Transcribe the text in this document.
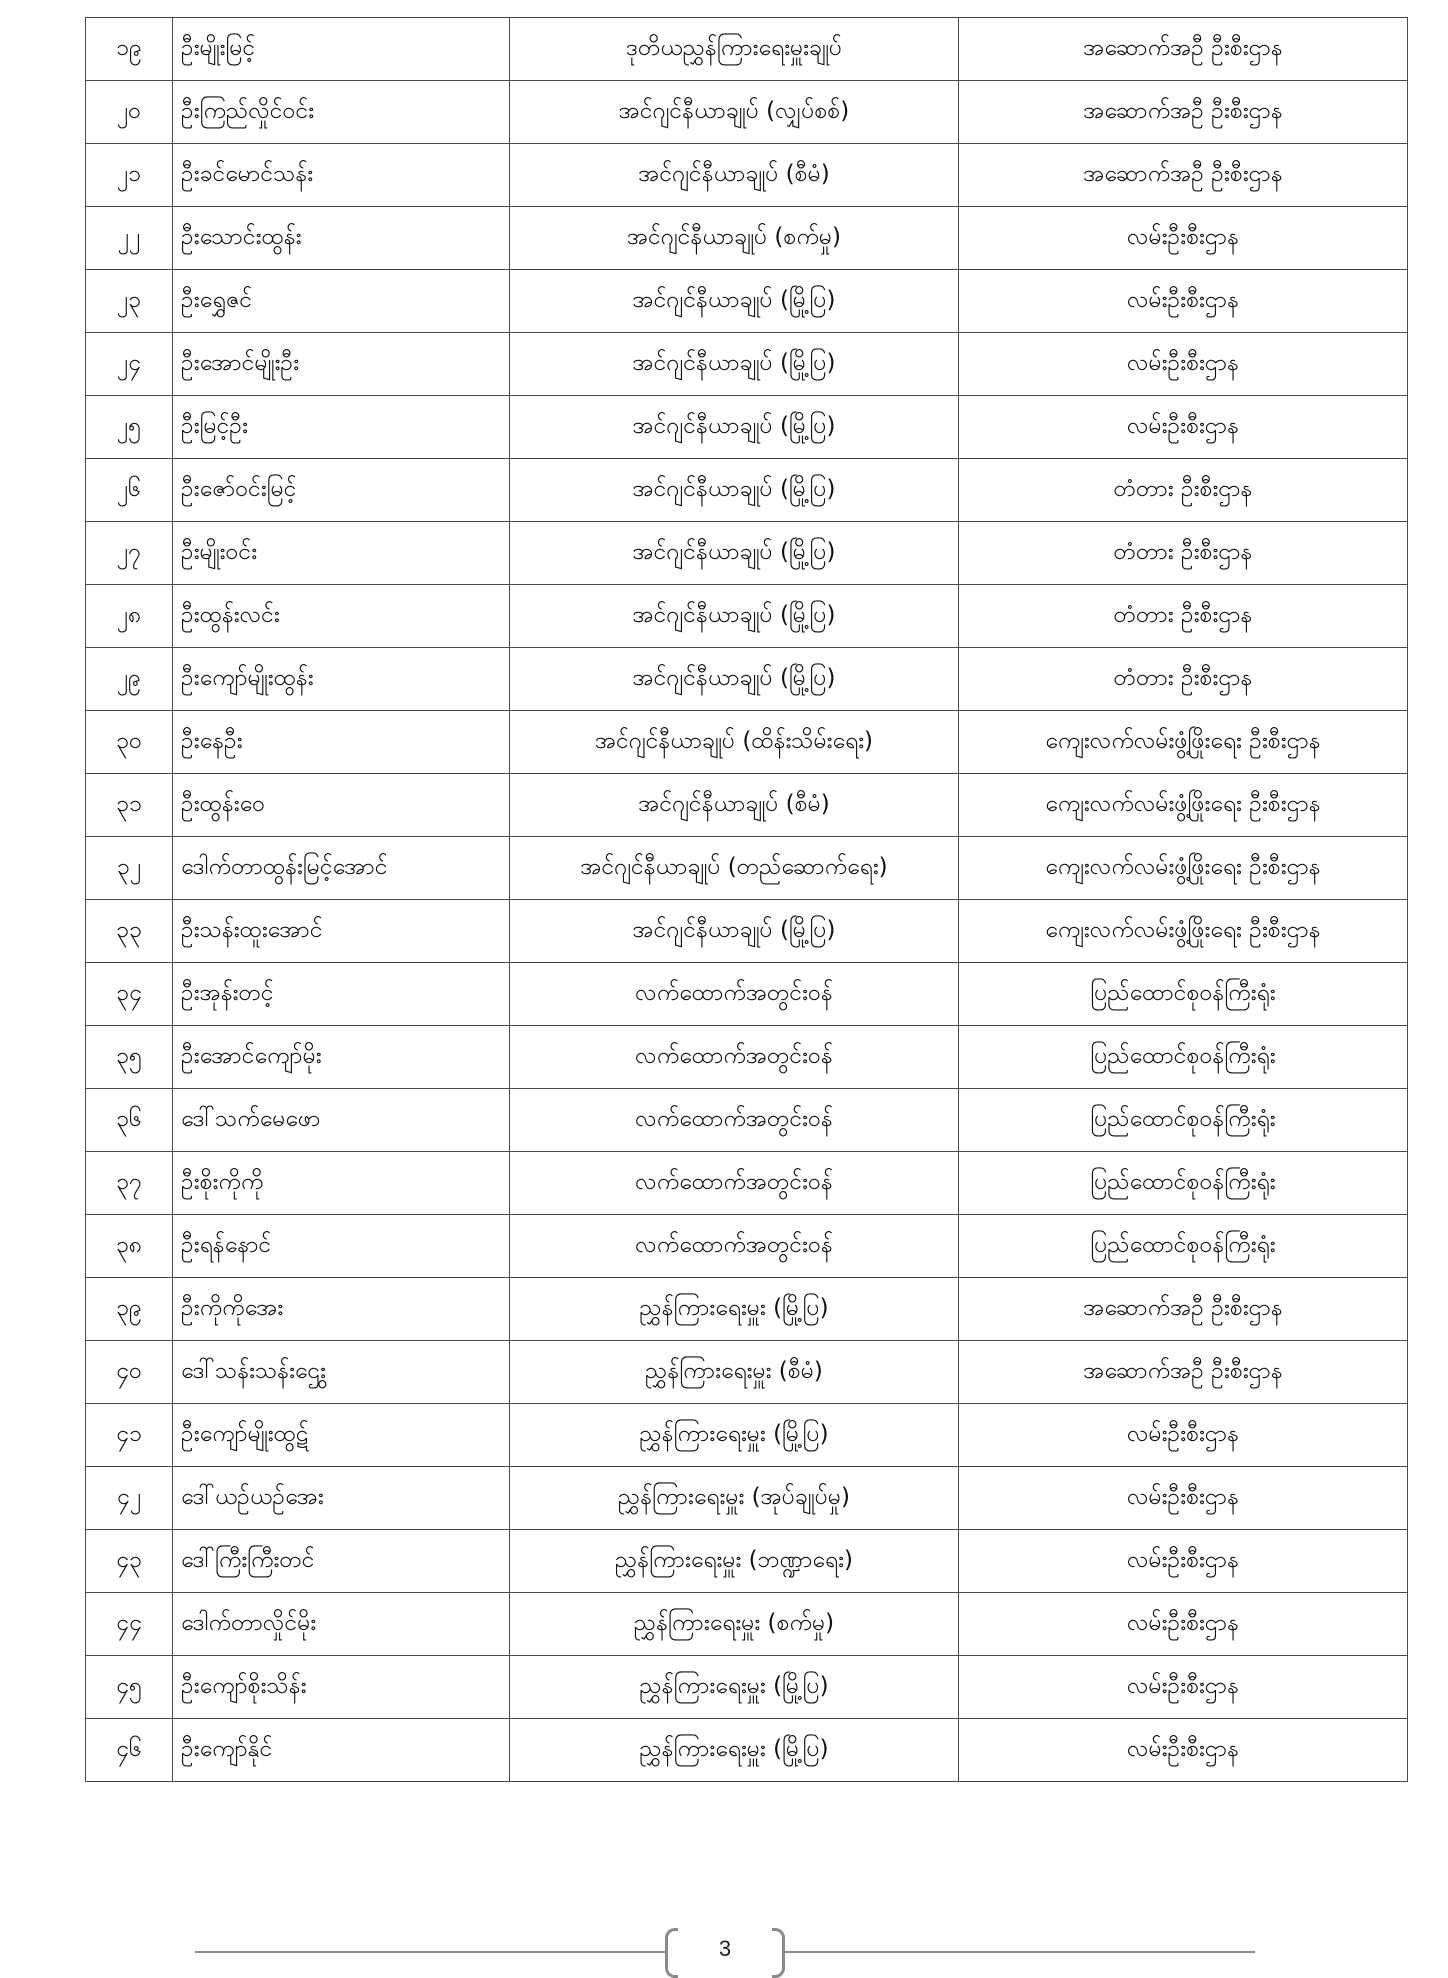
၁၉	ဦးမျိုးမြင့်	ဒုတိယညွှန်ကြားရေးမှူးချုပ်	အဆောက်အဦ ဦးစီးဌာန
၂၀	ဦးကြည်လှိုင်ဝင်း	အင်ဂျင်နီယာချုပ် (လျှပ်စစ်)	အဆောက်အဦ ဦးစီးဌာန
၂၁	ဦးခင်မောင်သန်း	အင်ဂျင်နီယာချုပ် (စီမံ)	အဆောက်အဦ ဦးစီးဌာန
၂၂	ဦးသောင်းထွန်း	အင်ဂျင်နီယာချုပ် (စက်မှု)	လမ်းဦးစီးဌာန
၂၃	ဦးရွှေဇင်	အင်ဂျင်နီယာချုပ် (မြို့ပြ)	လမ်းဦးစီးဌာန
၂၄	ဦးအောင်မျိုးဦး	အင်ဂျင်နီယာချုပ် (မြို့ပြ)	လမ်းဦးစီးဌာန
၂၅	ဦးမြင့်ဦး	အင်ဂျင်နီယာချုပ် (မြို့ပြ)	လမ်းဦးစီးဌာန
၂၆	ဦးဇော်ဝင်းမြင့်	အင်ဂျင်နီယာချုပ် (မြို့ပြ)	တံတား ဦးစီးဌာန
၂၇	ဦးမျိုးဝင်း	အင်ဂျင်နီယာချုပ် (မြို့ပြ)	တံတား ဦးစီးဌာန
၂၈	ဦးထွန်းလင်း	အင်ဂျင်နီယာချုပ် (မြို့ပြ)	တံတား ဦးစီးဌာန
၂၉	ဦးကျော်မျိုးထွန်း	အင်ဂျင်နီယာချုပ် (မြို့ပြ)	တံတား ဦးစီးဌာန
၃၀	ဦးနေဦး	အင်ဂျင်နီယာချုပ် (ထိန်းသိမ်းရေး)	ကျေးလက်လမ်းဖွံ့ဖြိုးရေး ဦးစီးဌာန
၃၁	ဦးထွန်းဝေ	အင်ဂျင်နီယာချုပ် (စီမံ)	ကျေးလက်လမ်းဖွံ့ဖြိုးရေး ဦးစီးဌာန
၃၂	ဒေါက်တာထွန်းမြင့်အောင်	အင်ဂျင်နီယာချုပ် (တည်ဆောက်ရေး)	ကျေးလက်လမ်းဖွံ့ဖြိုးရေး ဦးစီးဌာန
၃၃	ဦးသန်းထူးအောင်	အင်ဂျင်နီယာချုပ် (မြို့ပြ)	ကျေးလက်လမ်းဖွံ့ဖြိုးရေး ဦးစီးဌာန
၃၄	ဦးအုန်းတင့်	လက်ထောက်အတွင်းဝန်	ပြည်ထောင်စုဝန်ကြီးရုံး
၃၅	ဦးအောင်ကျော်မိုး	လက်ထောက်အတွင်းဝန်	ပြည်ထောင်စုဝန်ကြီးရုံး
၃၆	ဒေါ်သက်မေဖော	လက်ထောက်အတွင်းဝန်	ပြည်ထောင်စုဝန်ကြီးရုံး
၃၇	ဦးစိုးကိုကို	လက်ထောက်အတွင်းဝန်	ပြည်ထောင်စုဝန်ကြီးရုံး
၃၈	ဦးရန်နောင်	လက်ထောက်အတွင်းဝန်	ပြည်ထောင်စုဝန်ကြီးရုံး
၃၉	ဦးကိုကိုအေး	ညွှန်ကြားရေးမှူး (မြို့ပြ)	အဆောက်အဦ ဦးစီးဌာန
၄၀	ဒေါ်သန်းသန်းဌွေး	ညွှန်ကြားရေးမှူး (စီမံ)	အဆောက်အဦ ဦးစီးဌာန
၄၁	ဦးကျော်မျိုးထွဋ်	ညွှန်ကြားရေးမှူး (မြို့ပြ)	လမ်းဦးစီးဌာန
၄၂	ဒေါ်ယဉ်ယဉ်အေး	ညွှန်ကြားရေးမှူး (အုပ်ချုပ်မှု)	လမ်းဦးစီးဌာန
၄၃	ဒေါ်ကြီးကြီးတင်	ညွှန်ကြားရေးမှူး (ဘဏ္ဍာရေး)	လမ်းဦးစီးဌာန
၄၄	ဒေါက်တာလှိုင်မိုး	ညွှန်ကြားရေးမှူး (စက်မှု)	လမ်းဦးစီးဌာန
၄၅	ဦးကျော်စိုးသိန်း	ညွှန်ကြားရေးမှူး (မြို့ပြ)	လမ်းဦးစီးဌာန
၄၆	ဦးကျော်နိုင်	ညွှန်ကြားရေးမှူး (မြို့ပြ)	လမ်းဦးစီးဌာန
3
